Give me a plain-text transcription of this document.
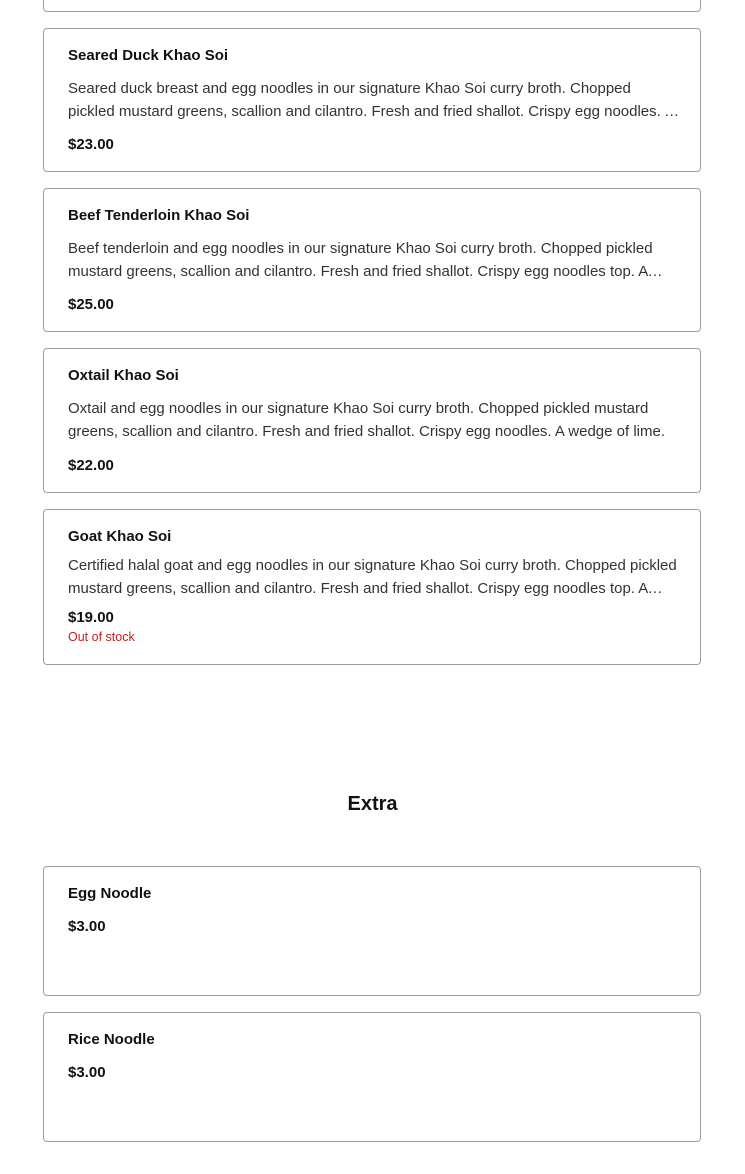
Seared Duck Khao Soi
Seared duck breast and egg noodles in our signature Khao Soi curry broth. Chopped pickled mustard greens, scallion and cilantro. Fresh and fried shallot. Crispy egg noodles. A
$23.00
Beef Tenderloin Khao Soi
Beef tenderloin and egg noodles in our signature Khao Soi curry broth. Chopped pickled mustard greens, scallion and cilantro. Fresh and fried shallot. Crispy egg noodles top. A
$25.00
Oxtail Khao Soi
Oxtail and egg noodles in our signature Khao Soi curry broth. Chopped pickled mustard greens, scallion and cilantro. Fresh and fried shallot. Crispy egg noodles. A wedge of lime.
$22.00
Goat Khao Soi
Certified halal goat and egg noodles in our signature Khao Soi curry broth. Chopped pickled mustard greens, scallion and cilantro. Fresh and fried shallot. Crispy egg noodles top. A
$19.00
Out of stock
Extra
Egg Noodle
$3.00
Rice Noodle
$3.00
